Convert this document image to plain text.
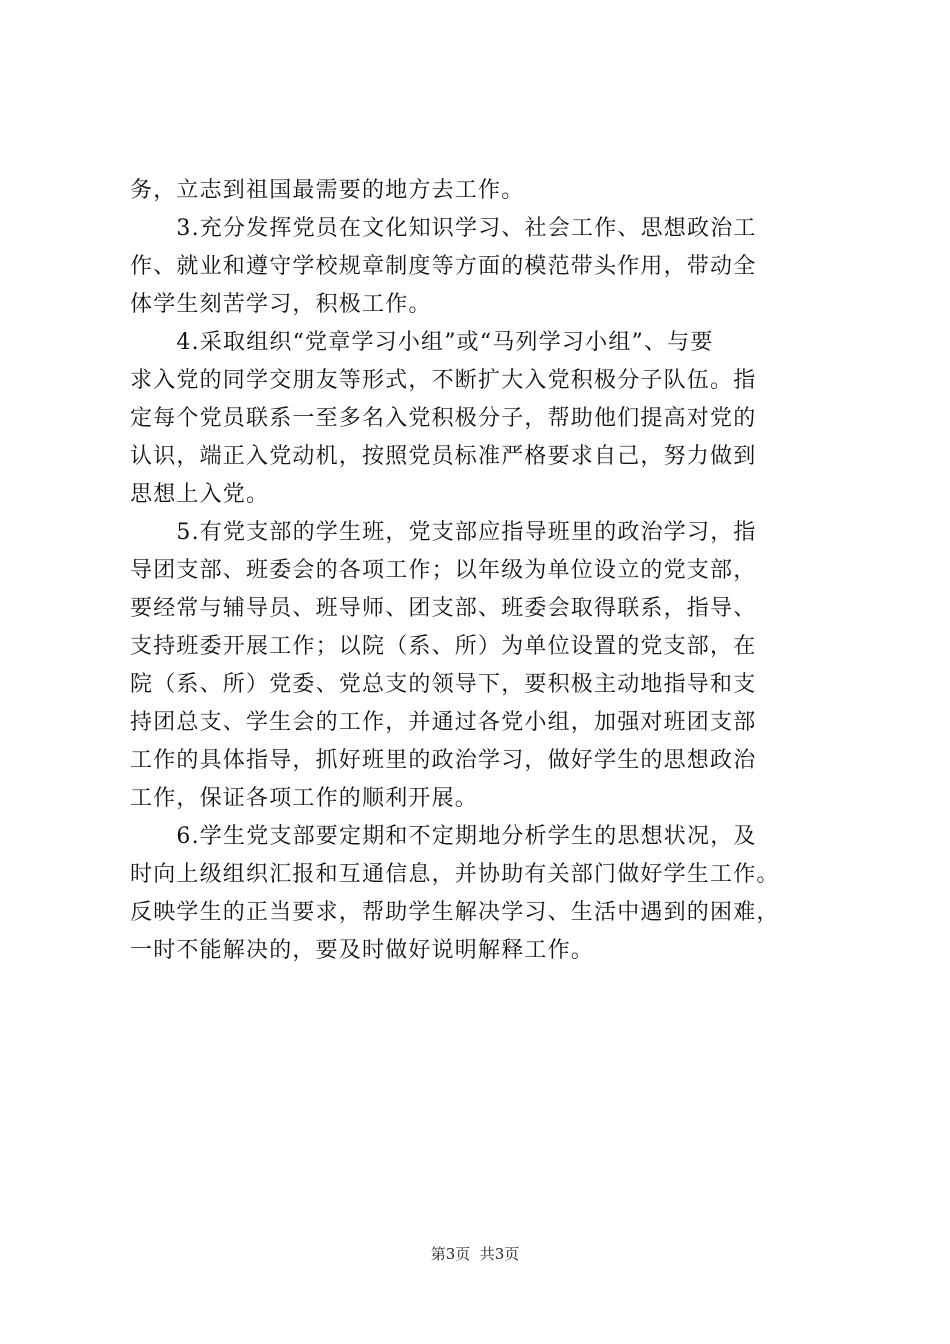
务，立志到祖国最需要的地方去工作。
　　3.充分发挥党员在文化知识学习、社会工作、思想政治工
作、就业和遵守学校规章制度等方面的模范带头作用，带动全
体学生刻苦学习，积极工作。
　　4.采取组织“党章学习小组”或“马列学习小组”、与要
求入党的同学交朋友等形式，不断扩大入党积极分子队伍。指
定每个党员联系一至多名入党积极分子，帮助他们提高对党的
认识，端正入党动机，按照党员标准严格要求自己，努力做到
思想上入党。
　　5.有党支部的学生班，党支部应指导班里的政治学习，指
导团支部、班委会的各项工作；以年级为单位设立的党支部，
要经常与辅导员、班导师、团支部、班委会取得联系，指导、
支持班委开展工作；以院（系、所）为单位设置的党支部，在
院（系、所）党委、党总支的领导下，要积极主动地指导和支
持团总支、学生会的工作，并通过各党小组，加强对班团支部
工作的具体指导，抓好班里的政治学习，做好学生的思想政治
工作，保证各项工作的顺利开展。
　　6.学生党支部要定期和不定期地分析学生的思想状况，及
时向上级组织汇报和互通信息，并协助有关部门做好学生工作。
反映学生的正当要求，帮助学生解决学习、生活中遇到的困难，
一时不能解决的，要及时做好说明解释工作。
第3页  共3页
